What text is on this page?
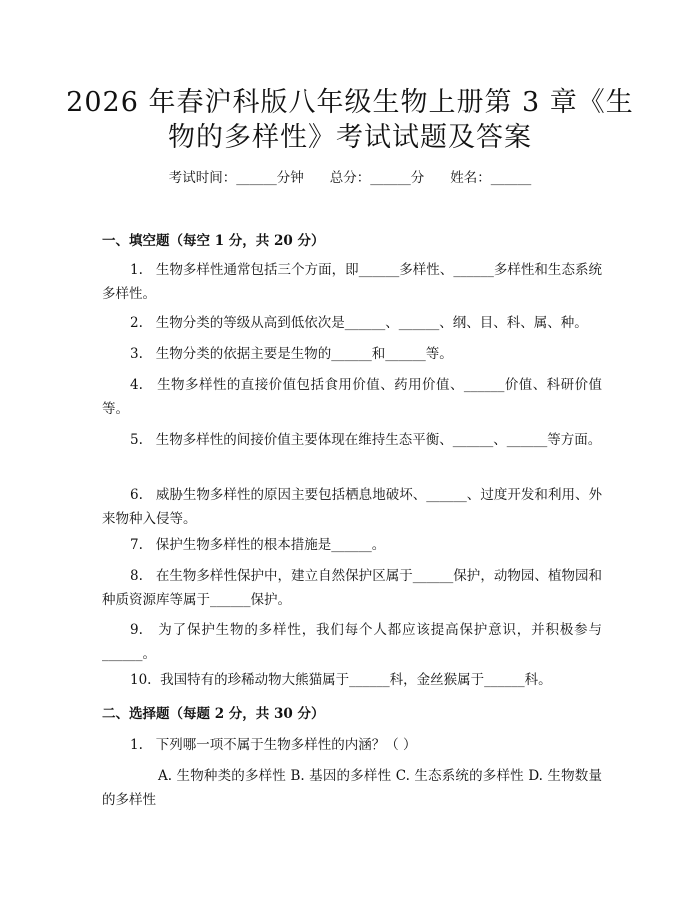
2026 年春沪科版八年级生物上册第 3 章《生
物的多样性》考试试题及答案
考试时间：______分钟 总分：______分 姓名：______
一、填空题（每空 1 分，共 20 分）
1. 生物多样性通常包括三个方面，即______多样性、______多样性和生态系统多样性。
2. 生物分类的等级从高到低依次是______、______、纲、目、科、属、种。
3. 生物分类的依据主要是生物的______和______等。
4. 生物多样性的直接价值包括食用价值、药用价值、______价值、科研价值等。
5. 生物多样性的间接价值主要体现在维持生态平衡、______、______等方面。
6. 威胁生物多样性的原因主要包括栖息地破坏、______、过度开发和利用、外来物种入侵等。
7. 保护生物多样性的根本措施是______。
8. 在生物多样性保护中，建立自然保护区属于______保护，动物园、植物园和种质资源库等属于______保护。
9. 为了保护生物的多样性，我们每个人都应该提高保护意识，并积极参与______。
10. 我国特有的珍稀动物大熊猫属于______科，金丝猴属于______科。
二、选择题（每题 2 分，共 30 分）
1. 下列哪一项不属于生物多样性的内涵？（ ）
A. 生物种类的多样性 B. 基因的多样性 C. 生态系统的多样性 D. 生物数量的多样性
